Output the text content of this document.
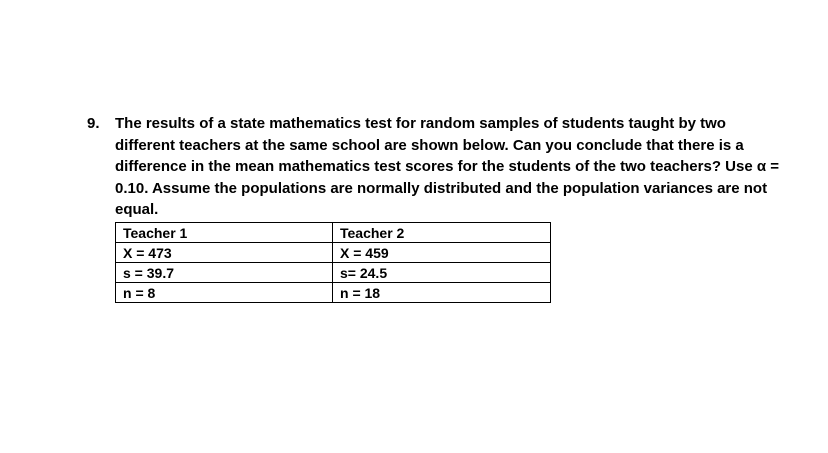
9.	The results of a state mathematics test for random samples of students taught by two
different teachers at the same school are shown below. Can you conclude that there is a
difference in the mean mathematics test scores for the students of the two teachers? Use α =
0.10. Assume the populations are normally distributed and the population variances are not
equal.
Teacher 1	Teacher 2
X = 473	X = 459
s = 39.7	s= 24.5
n = 8	n = 18
